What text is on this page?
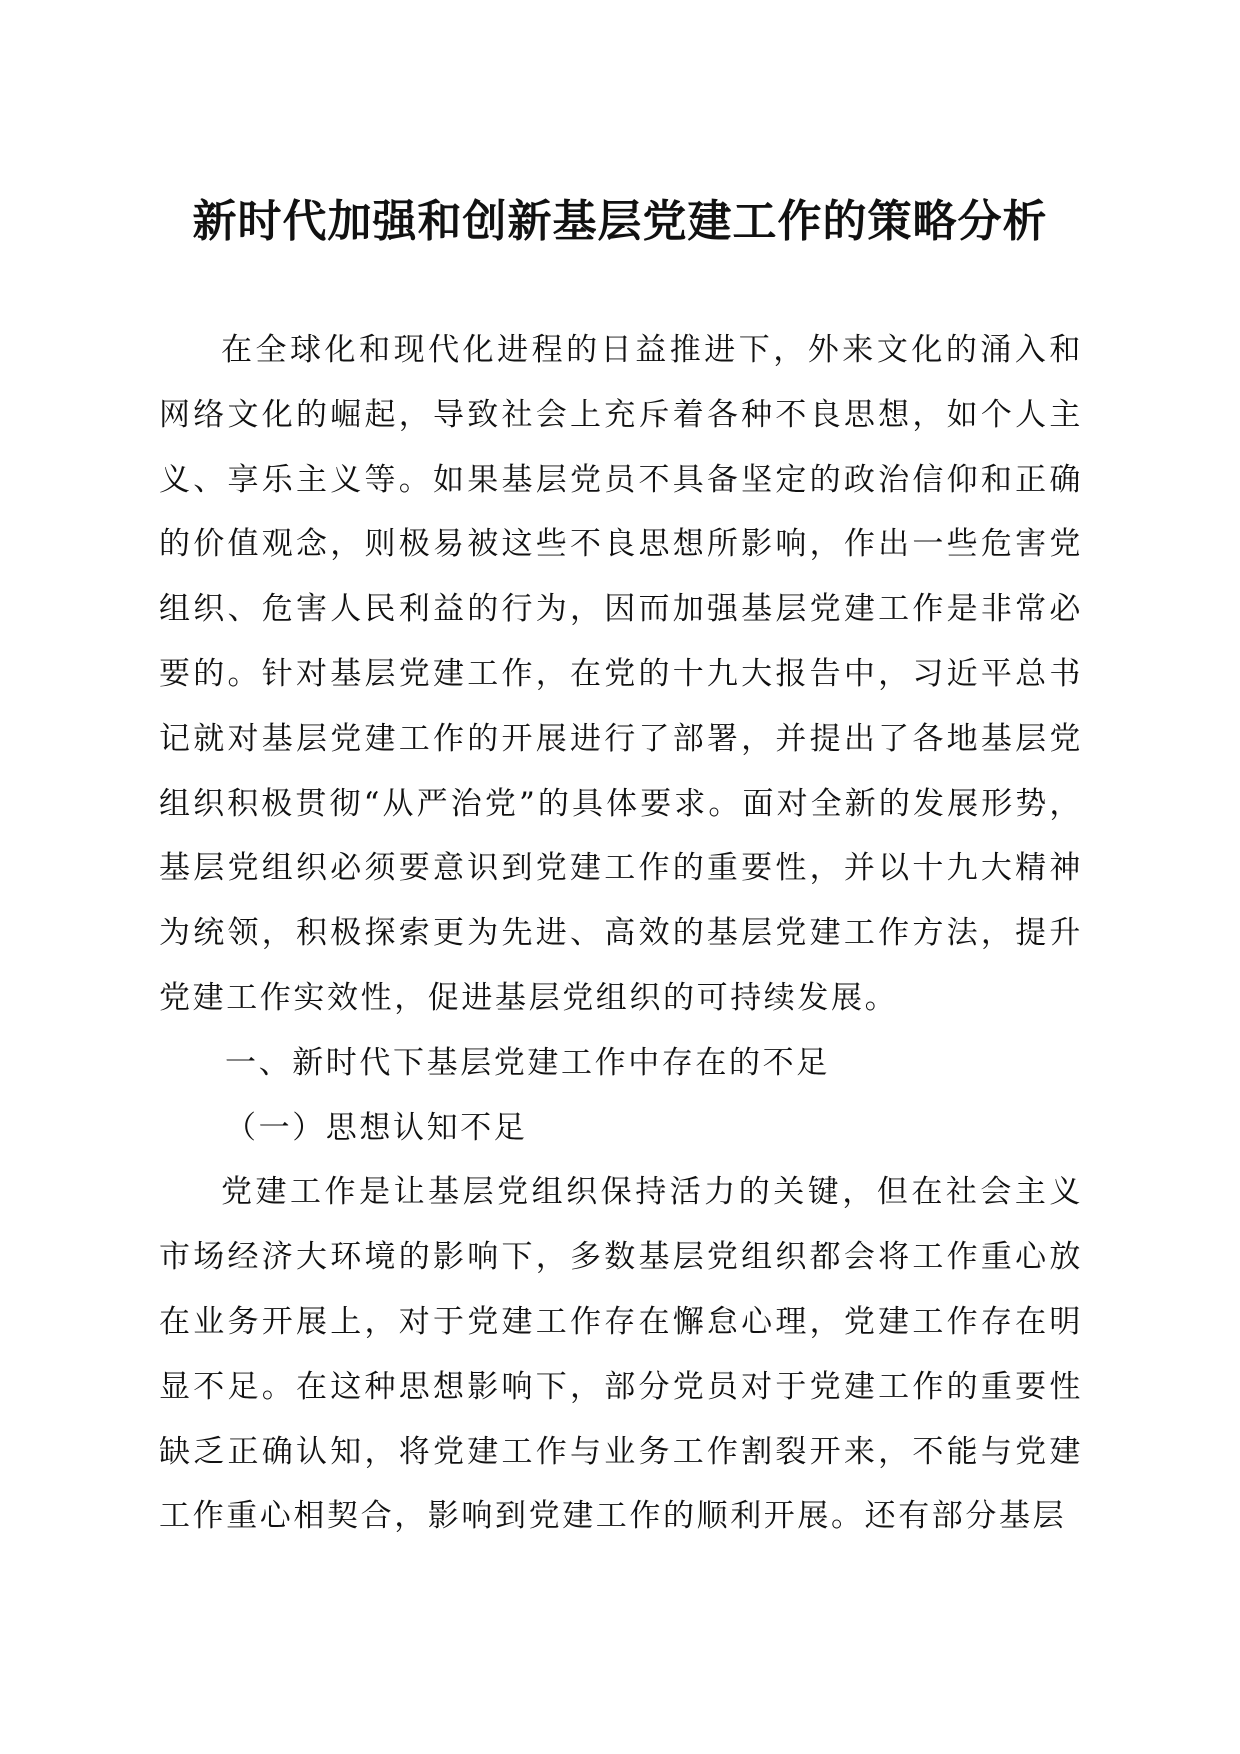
新时代加强和创新基层党建工作的策略分析

在全球化和现代化进程的日益推进下，外来文化的涌入和网络文化的崛起，导致社会上充斥着各种不良思想，如个人主义、享乐主义等。如果基层党员不具备坚定的政治信仰和正确的价值观念，则极易被这些不良思想所影响，作出一些危害党组织、危害人民利益的行为，因而加强基层党建工作是非常必要的。针对基层党建工作，在党的十九大报告中，习近平总书记就对基层党建工作的开展进行了部署，并提出了各地基层党组织积极贯彻“从严治党”的具体要求。面对全新的发展形势，基层党组织必须要意识到党建工作的重要性，并以十九大精神为统领，积极探索更为先进、高效的基层党建工作方法，提升党建工作实效性，促进基层党组织的可持续发展。

一、新时代下基层党建工作中存在的不足

（一）思想认知不足

党建工作是让基层党组织保持活力的关键，但在社会主义市场经济大环境的影响下，多数基层党组织都会将工作重心放在业务开展上，对于党建工作存在懈怠心理，党建工作存在明显不足。在这种思想影响下，部分党员对于党建工作的重要性缺乏正确认知，将党建工作与业务工作割裂开来，不能与党建工作重心相契合，影响到党建工作的顺利开展。还有部分基层
